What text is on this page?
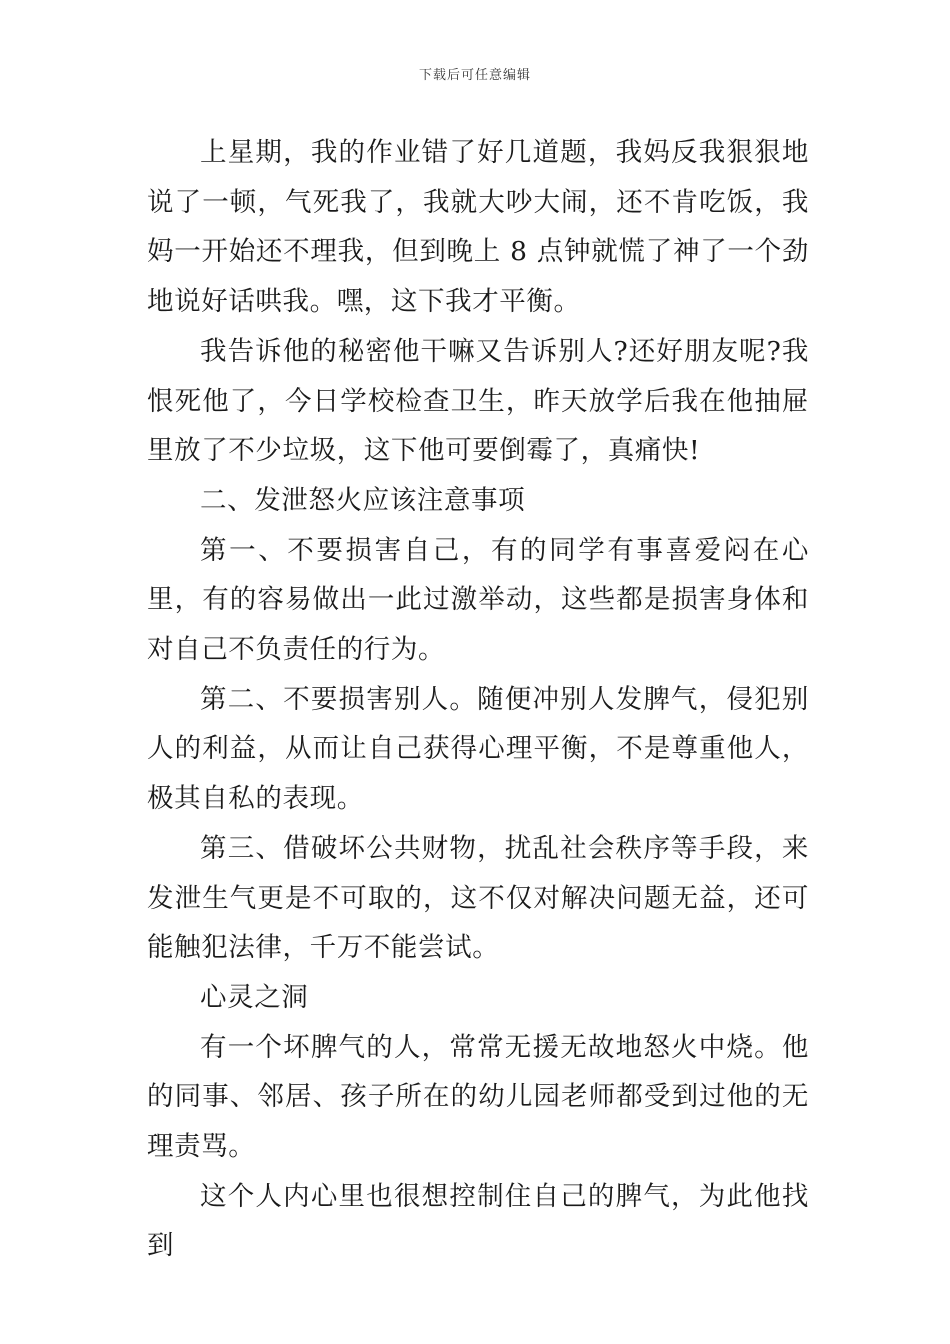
下载后可任意编辑

上星期，我的作业错了好几道题，我妈反我狠狠地说了一顿，气死我了，我就大吵大闹，还不肯吃饭，我妈一开始还不理我，但到晚上 8 点钟就慌了神了一个劲地说好话哄我。嘿，这下我才平衡。

我告诉他的秘密他干嘛又告诉别人?还好朋友呢?我恨死他了，今日学校检查卫生，昨天放学后我在他抽屉里放了不少垃圾，这下他可要倒霉了，真痛快!

二、发泄怒火应该注意事项

第一、不要损害自己，有的同学有事喜爱闷在心里，有的容易做出一此过激举动，这些都是损害身体和对自己不负责任的行为。

第二、不要损害别人。随便冲别人发脾气，侵犯别人的利益，从而让自己获得心理平衡，不是尊重他人，极其自私的表现。

第三、借破坏公共财物，扰乱社会秩序等手段，来发泄生气更是不可取的，这不仅对解决问题无益，还可能触犯法律，千万不能尝试。

心灵之洞

有一个坏脾气的人，常常无援无故地怒火中烧。他的同事、邻居、孩子所在的幼儿园老师都受到过他的无理责骂。

这个人内心里也很想控制住自己的脾气，为此他找到
